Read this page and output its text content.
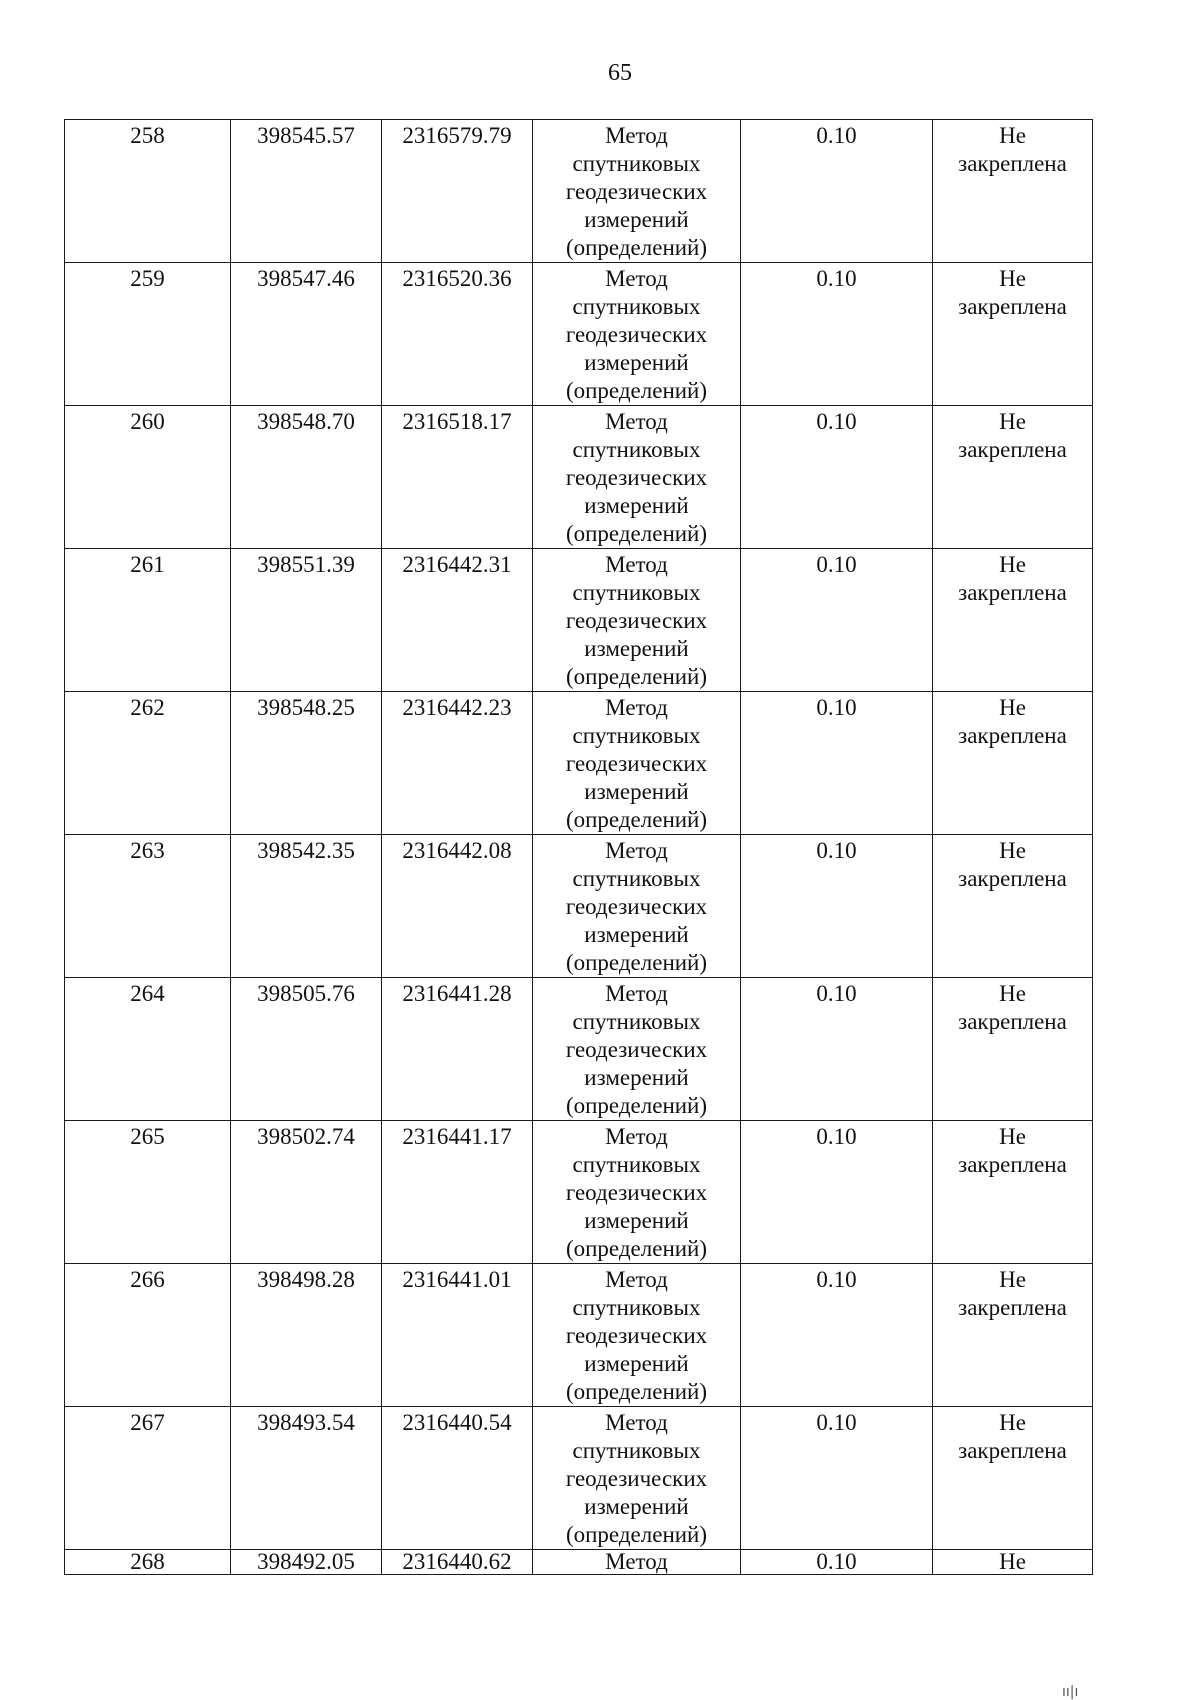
65
258	398545.57	2316579.79	Метод
спутниковых
геодезических
измерений
(определений)	0.10	Не
закреплена

259	398547.46	2316520.36	Метод
спутниковых
геодезических
измерений
(определений)	0.10	Не
закреплена

260	398548.70	2316518.17	Метод
спутниковых
геодезических
измерений
(определений)	0.10	Не
закреплена

261	398551.39	2316442.31	Метод
спутниковых
геодезических
измерений
(определений)	0.10	Не
закреплена

262	398548.25	2316442.23	Метод
спутниковых
геодезических
измерений
(определений)	0.10	Не
закреплена

263	398542.35	2316442.08	Метод
спутниковых
геодезических
измерений
(определений)	0.10	Не
закреплена

264	398505.76	2316441.28	Метод
спутниковых
геодезических
измерений
(определений)	0.10	Не
закреплена

265	398502.74	2316441.17	Метод
спутниковых
геодезических
измерений
(определений)	0.10	Не
закреплена

266	398498.28	2316441.01	Метод
спутниковых
геодезических
измерений
(определений)	0.10	Не
закреплена

267	398493.54	2316440.54	Метод
спутниковых
геодезических
измерений
(определений)	0.10	Не
закреплена

268	398492.05	2316440.62	Метод	0.10	Не
ıı|ı
